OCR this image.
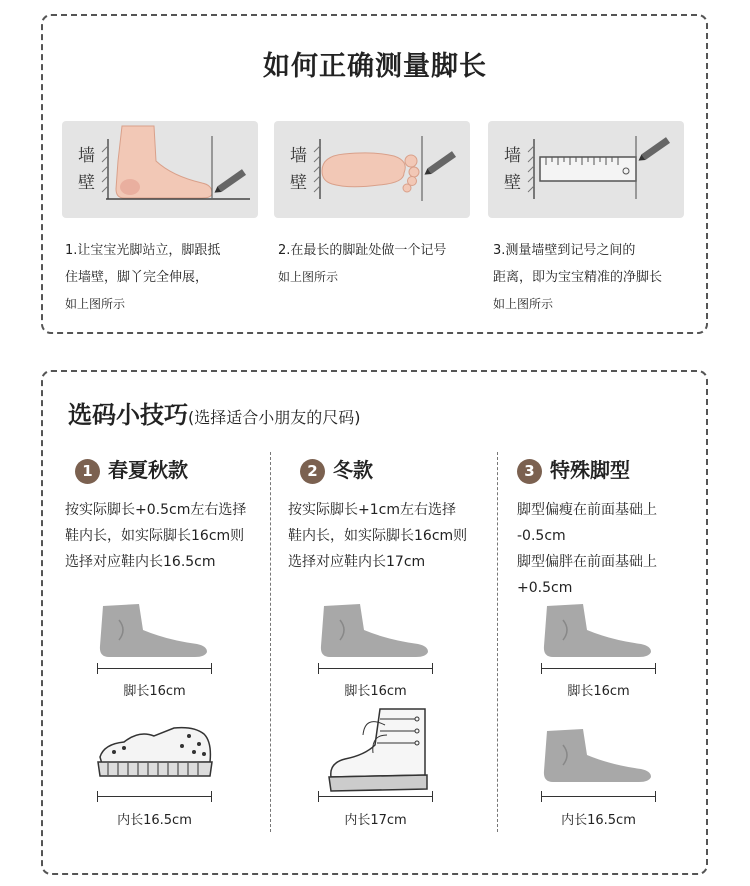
如何正确测量脚长
墙
壁
墙
壁
墙
壁
1.让宝宝光脚站立，脚跟抵
住墙壁，脚丫完全伸展，
如上图所示
2.在最长的脚趾处做一个记号
如上图所示
3.测量墙壁到记号之间的
距离，即为宝宝精准的净脚长
如上图所示
选码小技巧(选择适合小朋友的尺码)
1 春夏秋款
按实际脚长+0.5cm左右选择
鞋内长，如实际脚长16cm则
选择对应鞋内长16.5cm
2 冬款
按实际脚长+1cm左右选择
鞋内长，如实际脚长16cm则
选择对应鞋内长17cm
3 特殊脚型
脚型偏瘦在前面基础上
-0.5cm
脚型偏胖在前面基础上
+0.5cm
脚长16cm	脚长16cm	脚长16cm
内长16.5cm	内长17cm	内长16.5cm
